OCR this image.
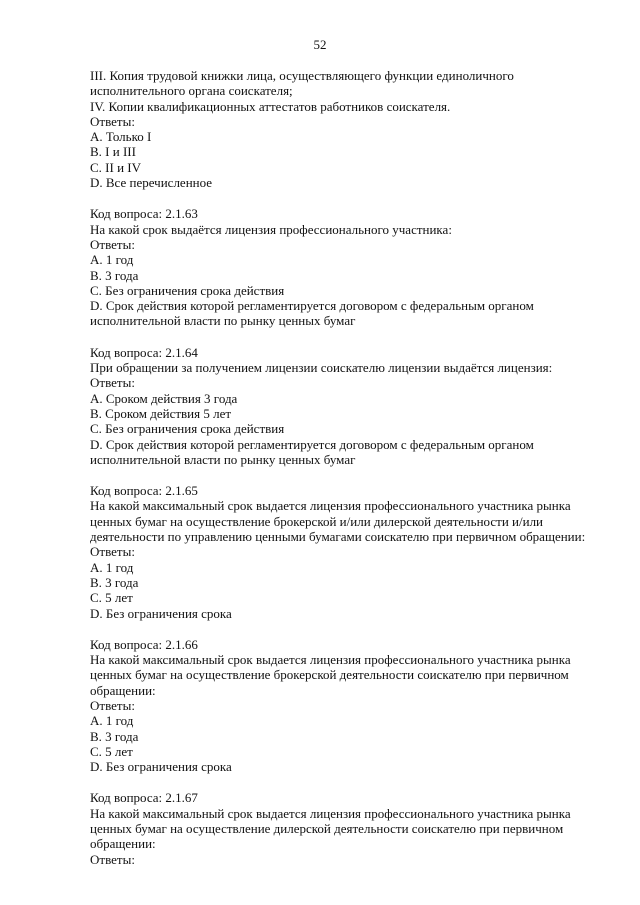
52
III. Копия трудовой книжки лица, осуществляющего функции единоличного
исполнительного органа соискателя;
IV. Копии квалификационных аттестатов работников соискателя.
Ответы:
A. Только I
B. I и III
C. II и IV
D. Все перечисленное
Код вопроса: 2.1.63
На какой срок выдаётся лицензия профессионального участника:
Ответы:
A. 1 год
B. 3 года
C. Без ограничения срока действия
D. Срок действия которой регламентируется договором с федеральным органом
исполнительной власти по рынку ценных бумаг
Код вопроса: 2.1.64
При обращении за получением лицензии соискателю лицензии выдаётся лицензия:
Ответы:
A. Сроком действия 3 года
B. Сроком действия 5 лет
C. Без ограничения срока действия
D. Срок действия которой регламентируется договором с федеральным органом
исполнительной власти по рынку ценных бумаг
Код вопроса: 2.1.65
На какой максимальный срок выдается лицензия профессионального участника рынка
ценных бумаг на осуществление брокерской и/или дилерской деятельности и/или
деятельности по управлению ценными бумагами соискателю при первичном обращении:
Ответы:
A. 1 год
B. 3 года
C. 5 лет
D. Без ограничения срока
Код вопроса: 2.1.66
На какой максимальный срок выдается лицензия профессионального участника рынка
ценных бумаг на осуществление брокерской деятельности соискателю при первичном
обращении:
Ответы:
A. 1 год
B. 3 года
C. 5 лет
D. Без ограничения срока
Код вопроса: 2.1.67
На какой максимальный срок выдается лицензия профессионального участника рынка
ценных бумаг на осуществление дилерской деятельности соискателю при первичном
обращении:
Ответы:
